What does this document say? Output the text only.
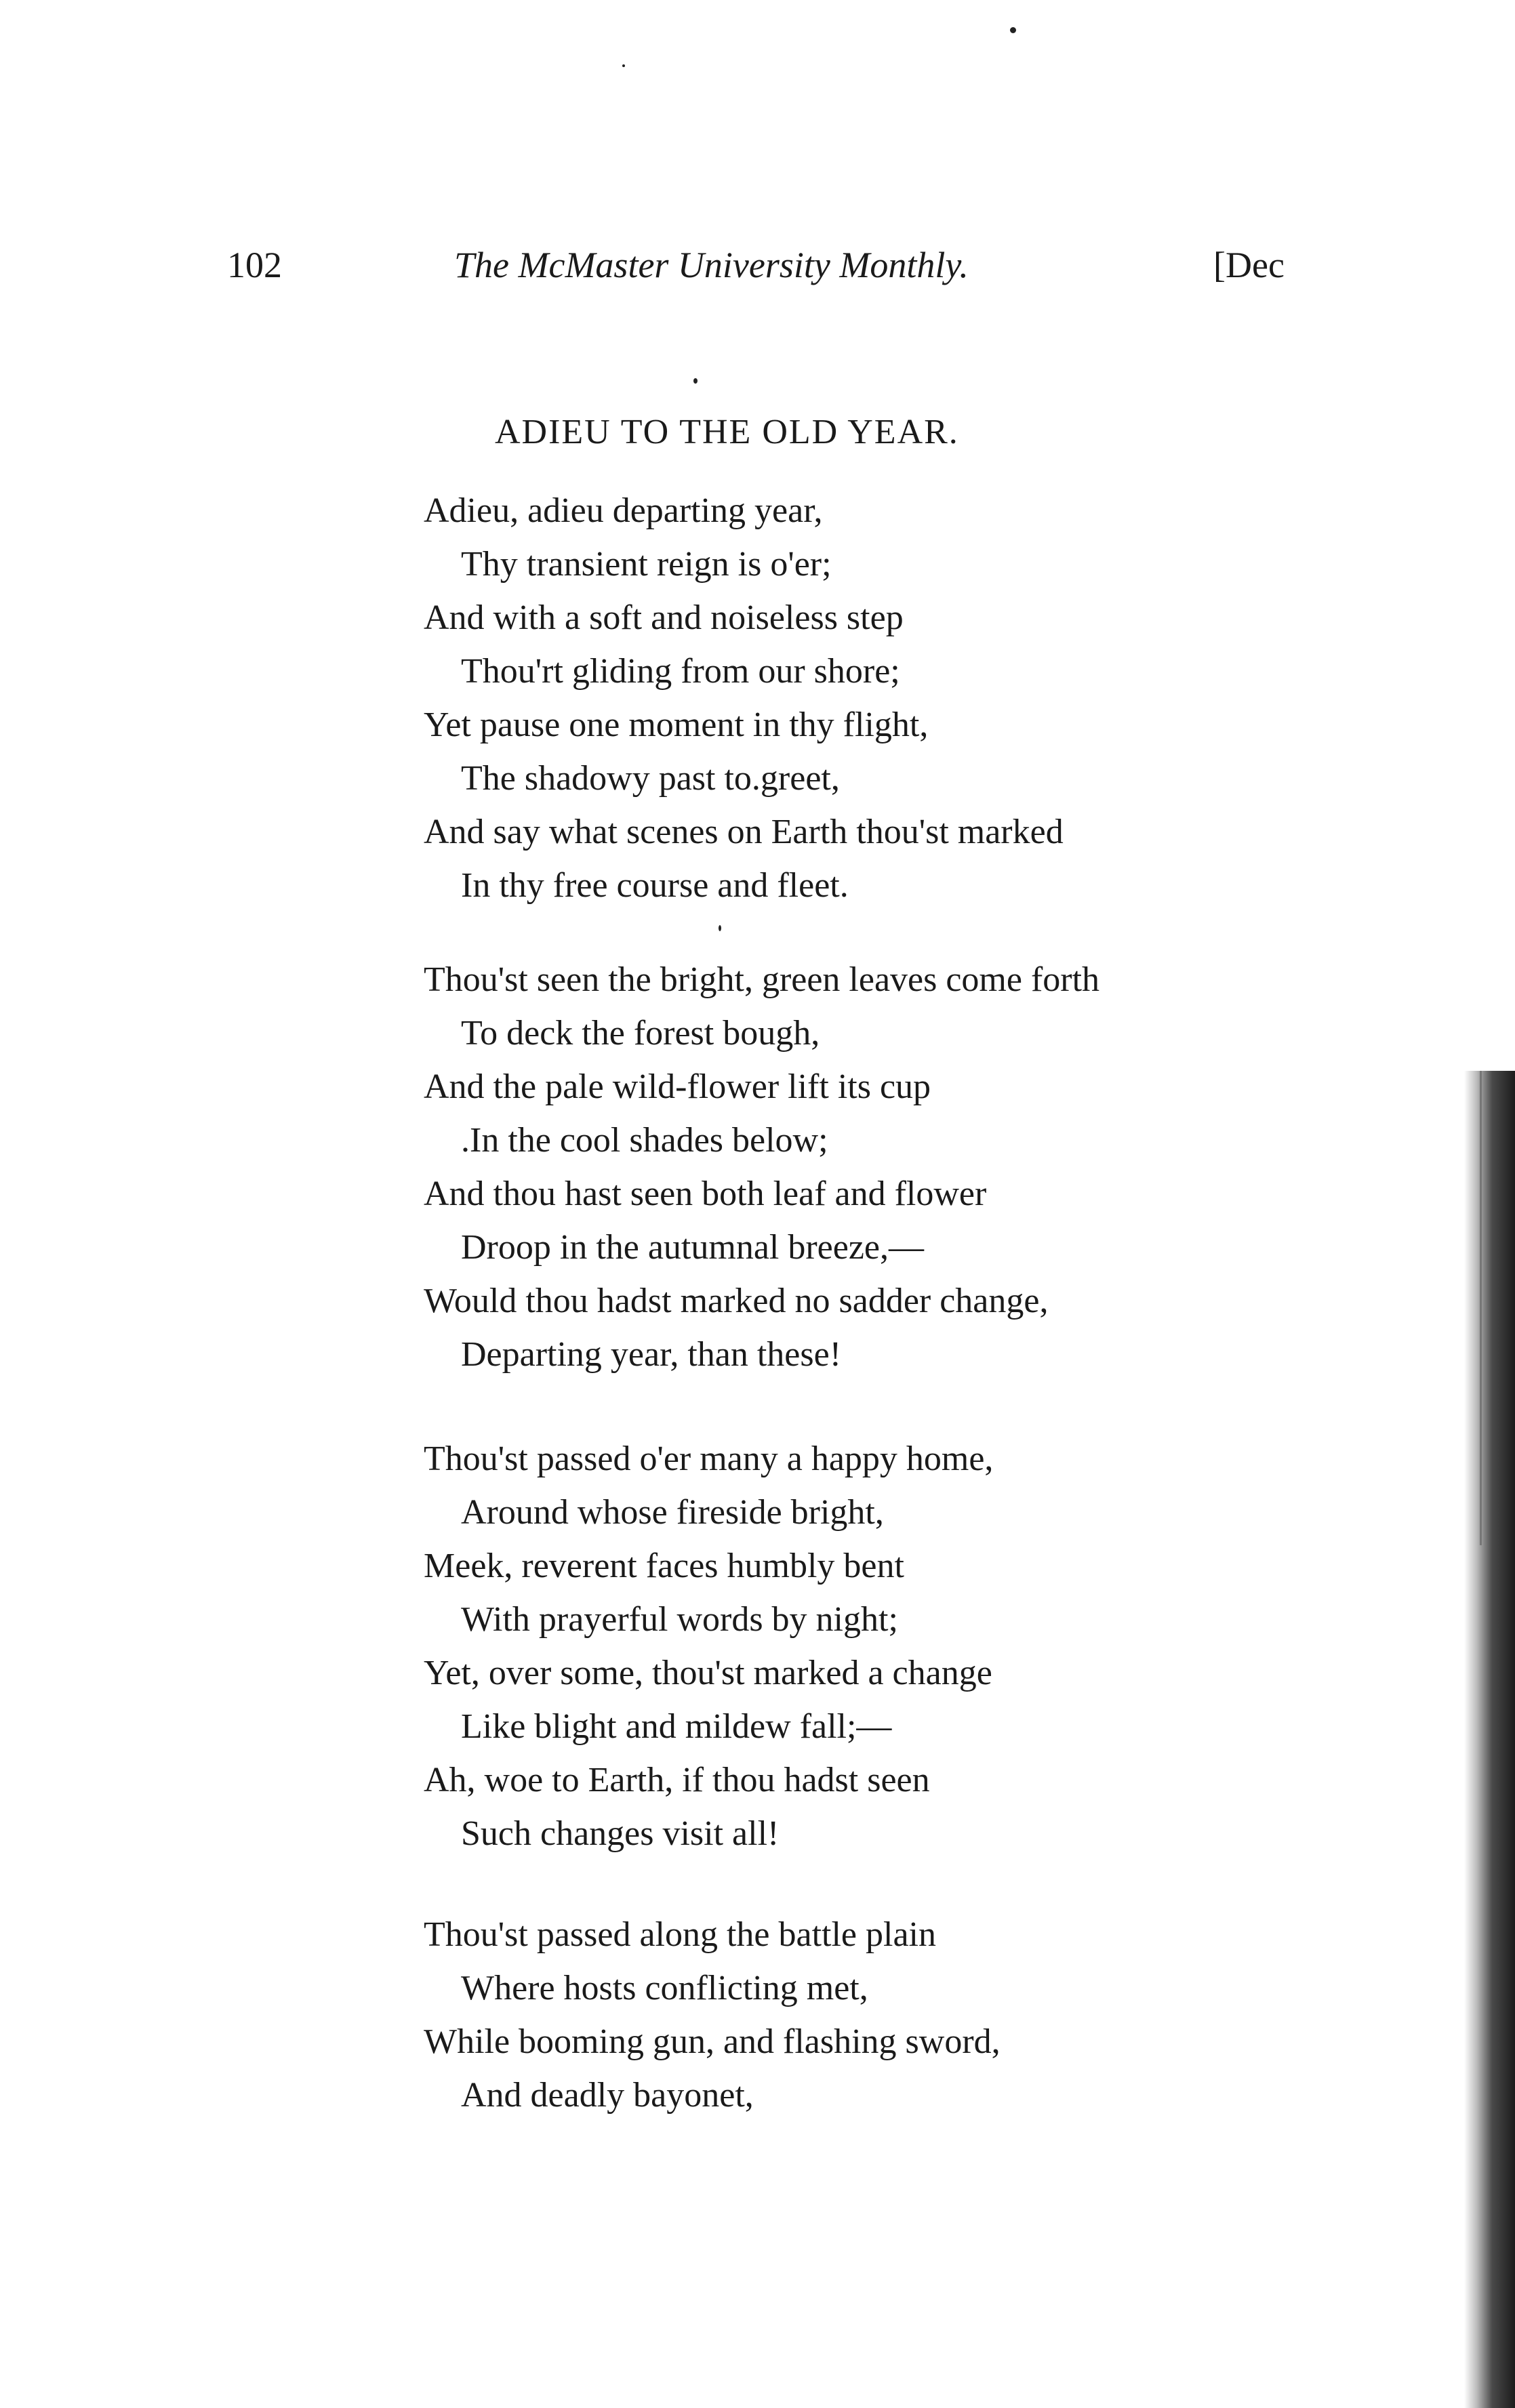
102	The McMaster University Monthly.	[Dec
ADIEU TO THE OLD YEAR.
Adieu, adieu departing year,
Thy transient reign is o'er;
And with a soft and noiseless step
Thou'rt gliding from our shore;
Yet pause one moment in thy flight,
The shadowy past to.greet,
And say what scenes on Earth thou'st marked
In thy free course and fleet.
Thou'st seen the bright, green leaves come forth
To deck the forest bough,
And the pale wild-flower lift its cup
.In the cool shades below;
And thou hast seen both leaf and flower
Droop in the autumnal breeze,—
Would thou hadst marked no sadder change,
Departing year, than these!
Thou'st passed o'er many a happy home,
Around whose fireside bright,
Meek, reverent faces humbly bent
With prayerful words by night;
Yet, over some, thou'st marked a change
Like blight and mildew fall;—
Ah, woe to Earth, if thou hadst seen
Such changes visit all!
Thou'st passed along the battle plain
Where hosts conflicting met,
While booming gun, and flashing sword,
And deadly bayonet,
